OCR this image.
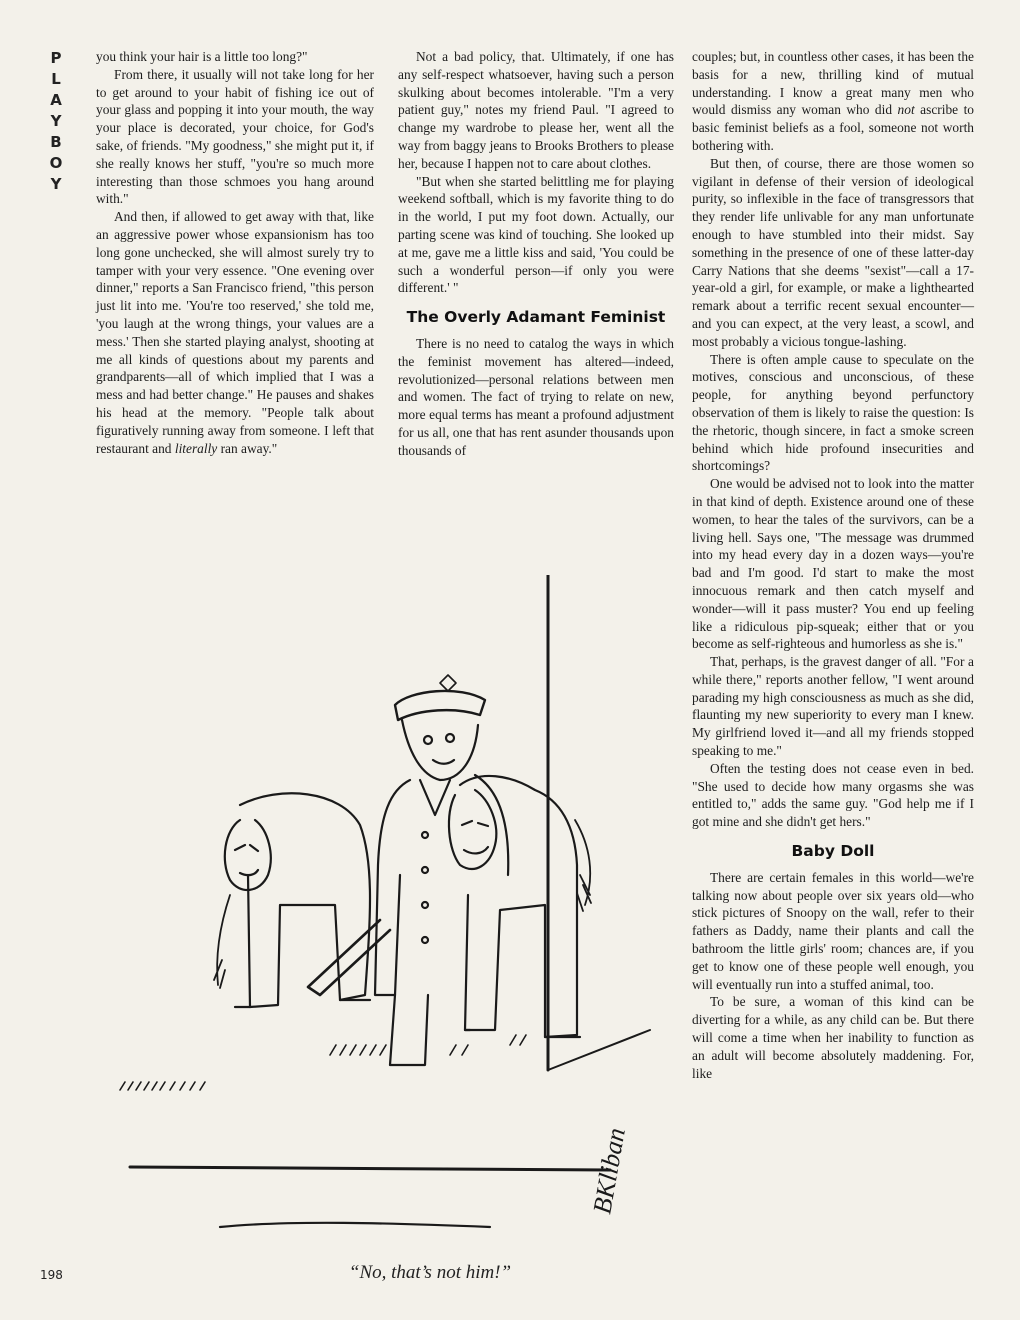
P
L
A
Y
B
O
Y

you think your hair is a little too long?"

From there, it usually will not take long for her to get around to your habit of fishing ice out of your glass and popping it into your mouth, the way your place is decorated, your choice, for God's sake, of friends. "My goodness," she might put it, if she really knows her stuff, "you're so much more interesting than those schmoes you hang around with."

And then, if allowed to get away with that, like an aggressive power whose expansionism has too long gone unchecked, she will almost surely try to tamper with your very essence. "One evening over dinner," reports a San Francisco friend, "this person just lit into me. 'You're too reserved,' she told me, 'you laugh at the wrong things, your values are a mess.' Then she started playing analyst, shooting at me all kinds of questions about my parents and grandparents—all of which implied that I was a mess and had better change." He pauses and shakes his head at the memory. "People talk about figuratively running away from someone. I left that restaurant and literally ran away."

Not a bad policy, that. Ultimately, if one has any self-respect whatsoever, having such a person skulking about becomes intolerable. "I'm a very patient guy," notes my friend Paul. "I agreed to change my wardrobe to please her, went all the way from baggy jeans to Brooks Brothers to please her, because I happen not to care about clothes.

"But when she started belittling me for playing weekend softball, which is my favorite thing to do in the world, I put my foot down. Actually, our parting scene was kind of touching. She looked up at me, gave me a little kiss and said, 'You could be such a wonderful person—if only you were different.' "

The Overly Adamant Feminist

There is no need to catalog the ways in which the feminist movement has altered—indeed, revolutionized—personal relations between men and women. The fact of trying to relate on new, more equal terms has meant a profound adjustment for us all, one that has rent asunder thousands upon thousands of

couples; but, in countless other cases, it has been the basis for a new, thrilling kind of mutual understanding. I know a great many men who would dismiss any woman who did not ascribe to basic feminist beliefs as a fool, someone not worth bothering with.

But then, of course, there are those women so vigilant in defense of their version of ideological purity, so inflexible in the face of transgressors that they render life unlivable for any man unfortunate enough to have stumbled into their midst. Say something in the presence of one of these latter-day Carry Nations that she deems "sexist"—call a 17-year-old a girl, for example, or make a lighthearted remark about a terrific recent sexual encounter—and you can expect, at the very least, a scowl, and most probably a vicious tongue-lashing.

There is often ample cause to speculate on the motives, conscious and unconscious, of these people, for anything beyond perfunctory observation of them is likely to raise the question: Is the rhetoric, though sincere, in fact a smoke screen behind which hide profound insecurities and shortcomings?

One would be advised not to look into the matter in that kind of depth. Existence around one of these women, to hear the tales of the survivors, can be a living hell. Says one, "The message was drummed into my head every day in a dozen ways—you're bad and I'm good. I'd start to make the most innocuous remark and then catch myself and wonder—will it pass muster? You end up feeling like a ridiculous pip-squeak; either that or you become as self-righteous and humorless as she is."

That, perhaps, is the gravest danger of all. "For a while there," reports another fellow, "I went around parading my high consciousness as much as she did, flaunting my new superiority to every man I knew. My girlfriend loved it—and all my friends stopped speaking to me."

Often the testing does not cease even in bed. "She used to decide how many orgasms she was entitled to," adds the same guy. "God help me if I got mine and she didn't get hers."

Baby Doll

There are certain females in this world—we're talking now about people over six years old—who stick pictures of Snoopy on the wall, refer to their fathers as Daddy, name their plants and call the bathroom the little girls' room; chances are, if you get to know one of these people well enough, you will eventually run into a stuffed animal, too.

To be sure, a woman of this kind can be diverting for a while, as any child can be. But there will come a time when her inability to function as an adult will become absolutely maddening. For, like

BKliban
“No, that’s not him!”
198
